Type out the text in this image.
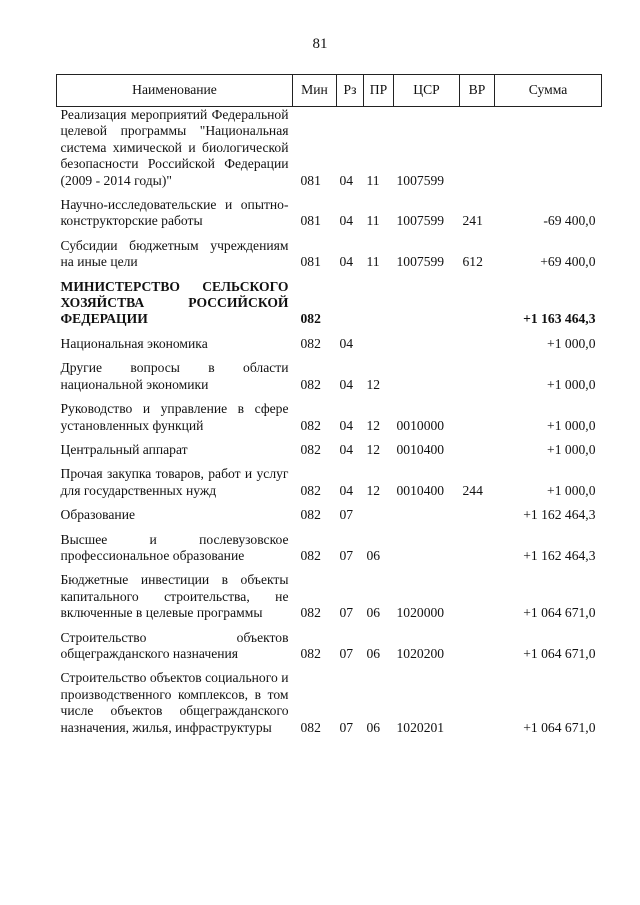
81
Наименование	Мин	Рз	ПР	ЦСР	ВР	Сумма
Реализация мероприятий Федеральной целевой программы "Национальная система химической и биологической безопасности Российской Федерации (2009 - 2014 годы)"	081	04	11	1007599		

Научно-исследовательские и опытно-конструкторские работы	081	04	11	1007599	241	-69 400,0

Субсидии бюджетным учреждениям на иные цели	081	04	11	1007599	612	+69 400,0

МИНИСТЕРСТВО СЕЛЬСКОГО ХОЗЯЙСТВА РОССИЙСКОЙ ФЕДЕРАЦИИ	082					+1 163 464,3

Национальная экономика	082	04				+1 000,0

Другие вопросы в области национальной экономики	082	04	12			+1 000,0

Руководство и управление в сфере установленных функций	082	04	12	0010000		+1 000,0

Центральный аппарат	082	04	12	0010400		+1 000,0

Прочая закупка товаров, работ и услуг для государственных нужд	082	04	12	0010400	244	+1 000,0

Образование	082	07				+1 162 464,3

Высшее и послевузовское профессиональное образование	082	07	06			+1 162 464,3

Бюджетные инвестиции в объекты капитального строительства, не включенные в целевые программы	082	07	06	1020000		+1 064 671,0

Строительство объектов общегражданского назначения	082	07	06	1020200		+1 064 671,0

Строительство объектов социального и производственного комплексов, в том числе объектов общегражданского назначения, жилья, инфраструктуры	082	07	06	1020201		+1 064 671,0
